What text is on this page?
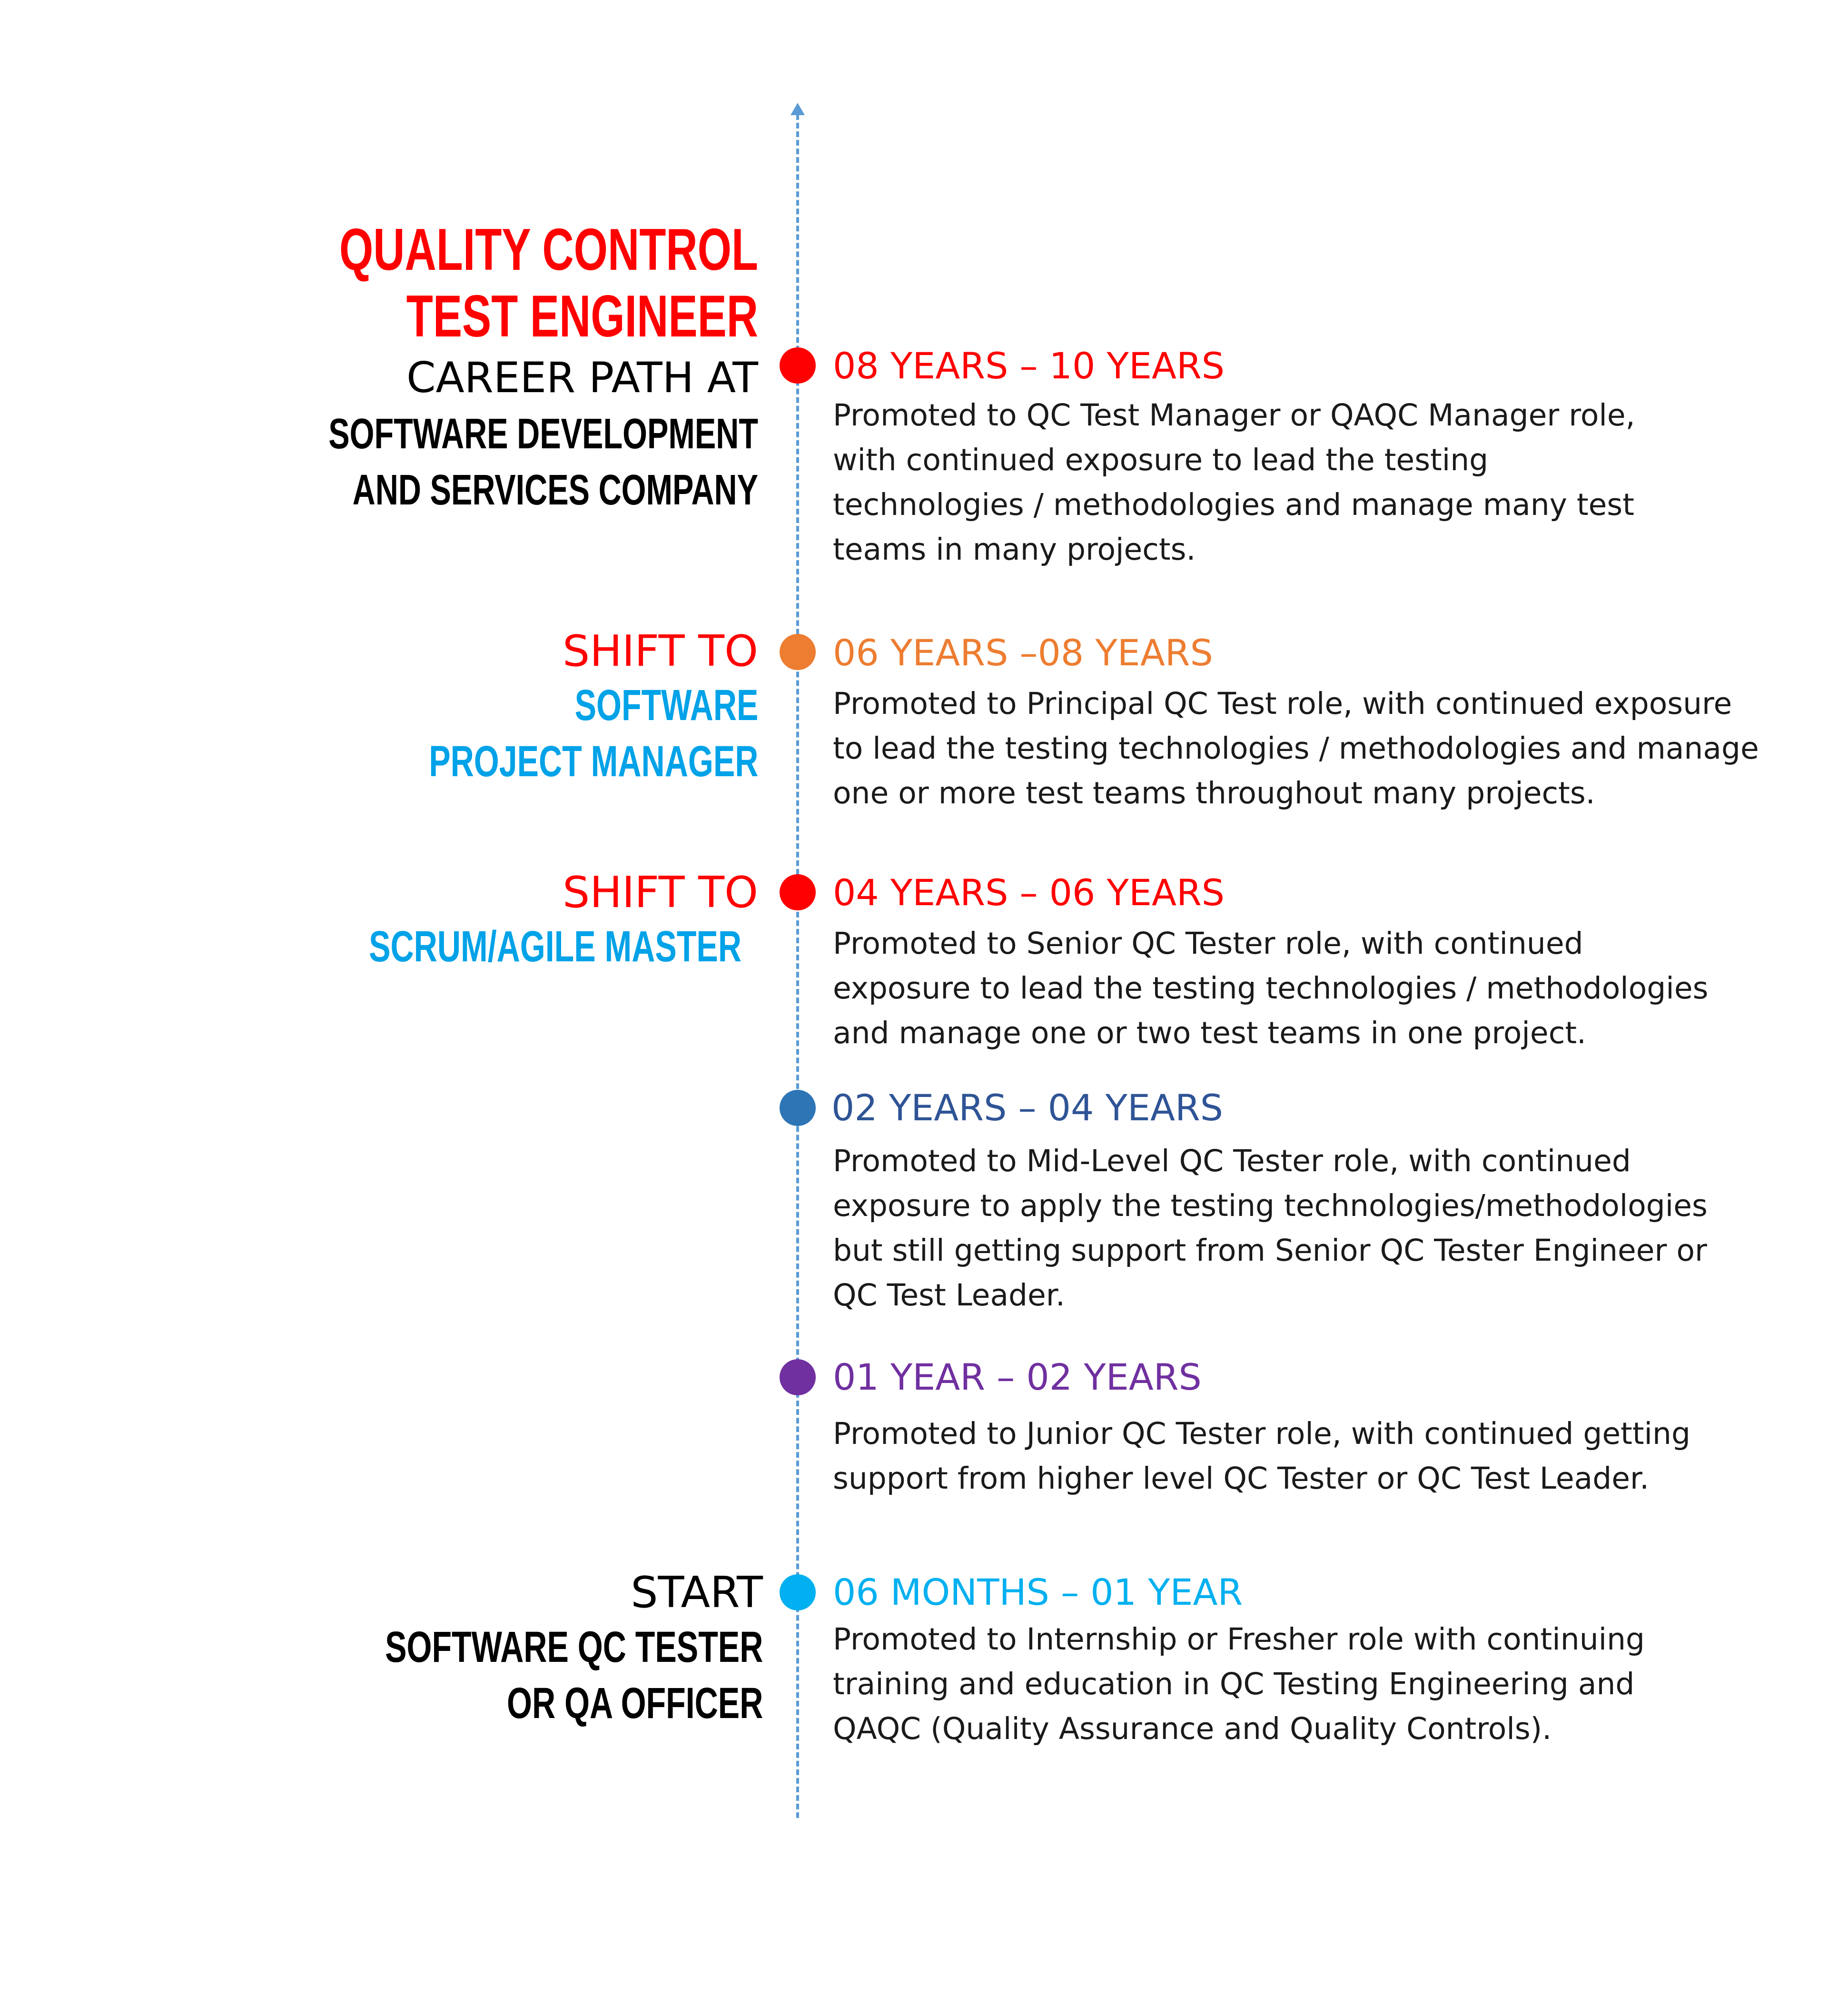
QUALITY CONTROL
TEST ENGINEER
CAREER PATH AT
SOFTWARE DEVELOPMENT
AND SERVICES COMPANY
SHIFT TO
SOFTWARE
PROJECT MANAGER
SHIFT TO
SCRUM/AGILE MASTER
START
SOFTWARE QC TESTER
OR QA OFFICER
08 YEARS – 10 YEARS
Promoted to QC Test Manager or QAQC Manager role,
with continued exposure to lead the testing
technologies / methodologies and manage many test
teams in many projects.
06 YEARS –08 YEARS
Promoted to Principal QC Test role, with continued exposure
to lead the testing technologies / methodologies and manage
one or more test teams throughout many projects.
04 YEARS – 06 YEARS
Promoted to Senior QC Tester role, with continued
exposure to lead the testing technologies / methodologies
and manage one or two test teams in one project.
02 YEARS – 04 YEARS
Promoted to Mid-Level QC Tester role, with continued
exposure to apply the testing technologies/methodologies
but still getting support from Senior QC Tester Engineer or
QC Test Leader.
01 YEAR – 02 YEARS
Promoted to Junior QC Tester role, with continued getting
support from higher level QC Tester or QC Test Leader.
06 MONTHS – 01 YEAR
Promoted to Internship or Fresher role with continuing
training and education in QC Testing Engineering and
QAQC (Quality Assurance and Quality Controls).
